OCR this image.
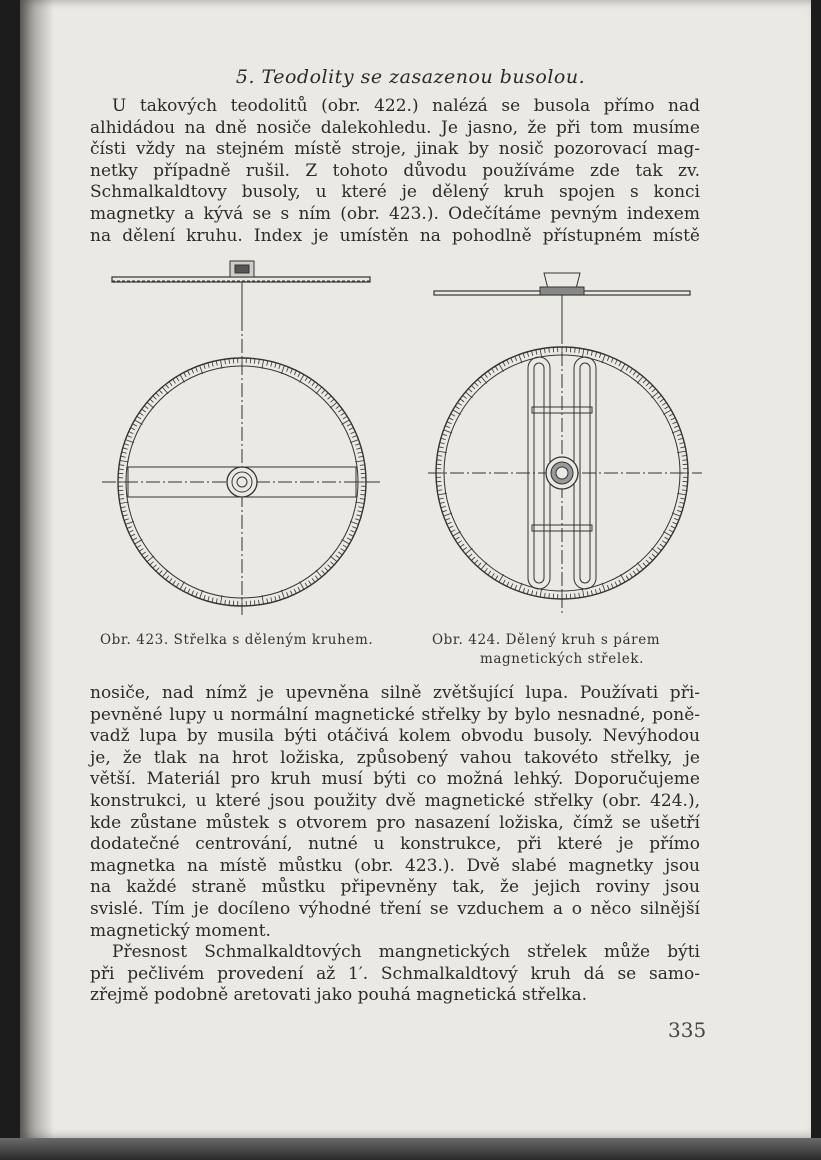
5. Teodolity se zasazenou busolou.

U takových teodolitů (obr. 422.) nalézá se busola přímo nad
alhidádou na dně nosiče dalekohledu. Je jasno, že při tom musíme
čísti vždy na stejném místě stroje, jinak by nosič pozorovací mag-
netky případně rušil. Z tohoto důvodu používáme zde tak zv.
Schmalkaldtovy busoly, u které je dělený kruh spojen s konci
magnetky a kývá se s ním (obr. 423.). Odečítáme pevným indexem
na dělení kruhu. Index je umístěn na pohodlně přístupném místě

Obr. 423. Střelka s děleným kruhem.	Obr. 424. Dělený kruh s párem
magnetických střelek.

nosiče, nad nímž je upevněna silně zvětšující lupa. Používati při-
pevněné lupy u normální magnetické střelky by bylo nesnadné, poně-
vadž lupa by musila býti otáčivá kolem obvodu busoly. Nevýhodou
je, že tlak na hrot ložiska, způsobený vahou takovéto střelky, je
větší. Materiál pro kruh musí býti co možná lehký. Doporučujeme
konstrukci, u které jsou použity dvě magnetické střelky (obr. 424.),
kde zůstane můstek s otvorem pro nasazení ložiska, čímž se ušetří
dodatečné centrování, nutné u konstrukce, při které je přímo
magnetka na místě můstku (obr. 423.). Dvě slabé magnetky jsou
na každé straně můstku připevněny tak, že jejich roviny jsou
svislé. Tím je docíleno výhodné tření se vzduchem a o něco silnější
magnetický moment.

Přesnost Schmalkaldtových mangnetických střelek může býti
při pečlivém provedení až 1′. Schmalkaldtový kruh dá se samo-
zřejmě podobně aretovati jako pouhá magnetická střelka.

335
